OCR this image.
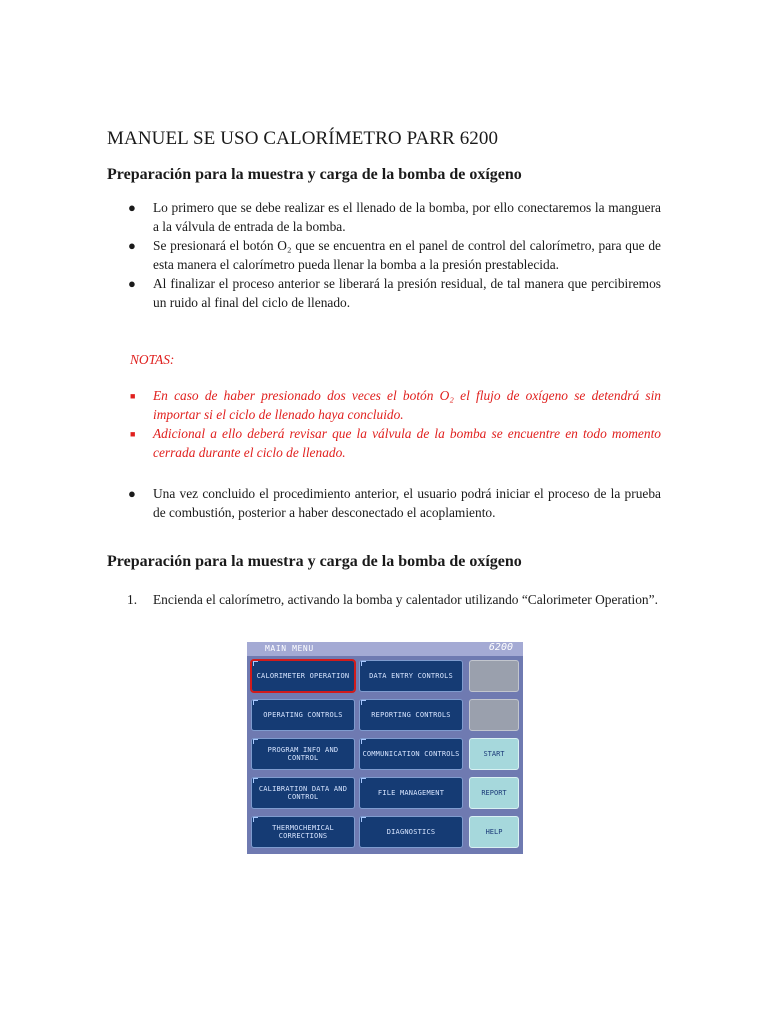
MANUEL SE USO CALORÍMETRO PARR 6200
Preparación para la muestra y carga de la bomba de oxígeno
● Lo primero que se debe realizar es el llenado de la bomba, por ello conectaremos la manguera a la válvula de entrada de la bomba.
● Se presionará el botón O₂ que se encuentra en el panel de control del calorímetro, para que de esta manera el calorímetro pueda llenar la bomba a la presión prestablecida.
● Al finalizar el proceso anterior se liberará la presión residual, de tal manera que percibiremos un ruido al final del ciclo de llenado.
NOTAS:
■ En caso de haber presionado dos veces el botón O₂ el flujo de oxígeno se detendrá sin importar si el ciclo de llenado haya concluido.
■ Adicional a ello deberá revisar que la válvula de la bomba se encuentre en todo momento cerrada durante el ciclo de llenado.
● Una vez concluido el procedimiento anterior, el usuario podrá iniciar el proceso de la prueba de combustión, posterior a haber desconectado el acoplamiento.
Preparación para la muestra y carga de la bomba de oxígeno
1. Encienda el calorímetro, activando la bomba y calentador utilizando “Calorimeter Operation”.
MAIN MENU	6200
CALORIMETER OPERATION
OPERATING CONTROLS
PROGRAM INFO AND CONTROL
CALIBRATION DATA AND CONTROL
THERMOCHEMICAL CORRECTIONS
DATA ENTRY CONTROLS
REPORTING CONTROLS
COMMUNICATION CONTROLS
FILE MANAGEMENT
DIAGNOSTICS
START
REPORT
HELP
